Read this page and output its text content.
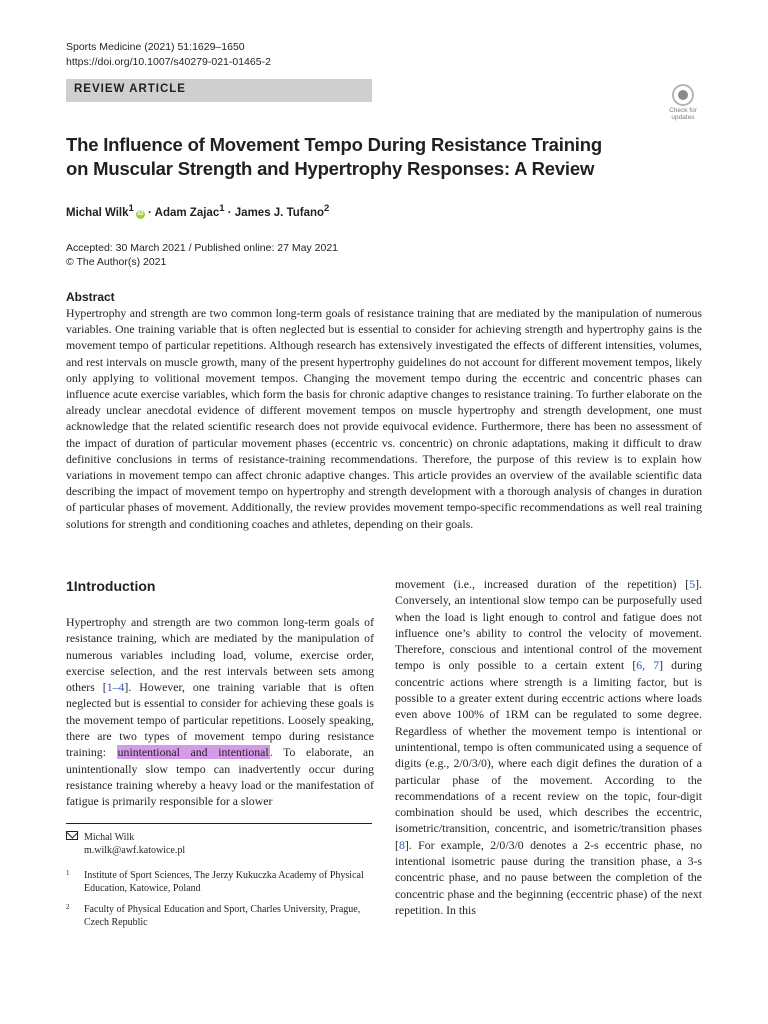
Sports Medicine (2021) 51:1629–1650
https://doi.org/10.1007/s40279-021-01465-2
REVIEW ARTICLE
Check for
updates
The Influence of Movement Tempo During Resistance Training
on Muscular Strength and Hypertrophy Responses: A Review
Michal Wilk$^1$ iD · Adam Zajac$^1$ · James J. Tufano$^2$
Accepted: 30 March 2021 / Published online: 27 May 2021
© The Author(s) 2021
Abstract
Hypertrophy and strength are two common long-term goals of resistance training that are mediated by the manipulation of numerous variables. One training variable that is often neglected but is essential to consider for achieving strength and hypertrophy gains is the movement tempo of particular repetitions. Although research has extensively investigated the effects of different intensities, volumes, and rest intervals on muscle growth, many of the present hypertrophy guidelines do not account for different movement tempos, likely only applying to volitional movement tempos. Changing the movement tempo during the eccentric and concentric phases can influence acute exercise variables, which form the basis for chronic adaptive changes to resistance training. To further elaborate on the already unclear anecdotal evidence of different movement tempos on muscle hypertrophy and strength development, one must acknowledge that the related scientific research does not provide equivocal evidence. Furthermore, there has been no assessment of the impact of duration of particular movement phases (eccentric vs. concentric) on chronic adaptations, making it difficult to draw definitive conclusions in terms of resistance-training recommendations. Therefore, the purpose of this review is to explain how variations in movement tempo can affect chronic adaptive changes. This article provides an overview of the available scientific data describing the impact of movement tempo on hypertrophy and strength development with a thorough analysis of changes in duration of particular phases of movement. Additionally, the review provides movement tempo-specific recommendations as well real training solutions for strength and conditioning coaches and athletes, depending on their goals.
1Introduction
Hypertrophy and strength are two common long-term goals of resistance training, which are mediated by the manipulation of numerous variables including load, volume, exercise order, exercise selection, and the rest intervals between sets among others [1–4]. However, one training variable that is often neglected but is essential to consider for achieving these goals is the movement tempo of particular repetitions. Loosely speaking, there are two types of movement tempo during resistance training: unintentional and intentional. To elaborate, an unintentionally slow tempo can inadvertently occur during resistance training whereby a heavy load or the manifestation of fatigue is primarily responsible for a slower
movement (i.e., increased duration of the repetition) [5]. Conversely, an intentional slow tempo can be purposefully used when the load is light enough to control and fatigue does not influence one’s ability to control the velocity of movement. Therefore, conscious and intentional control of the movement tempo is only possible to a certain extent [6, 7] during concentric actions where strength is a limiting factor, but is possible to a greater extent during eccentric actions where loads even above 100% of 1RM can be regulated to some degree. Regardless of whether the movement tempo is intentional or unintentional, tempo is often communicated using a sequence of digits (e.g., 2/0/3/0), where each digit defines the duration of a particular phase of the movement. According to the recommendations of a recent review on the topic, four-digit combination should be used, which describes the eccentric, isometric/transition, concentric, and isometric/transition phases [8]. For example, 2/0/3/0 denotes a 2-s eccentric phase, no intentional isometric pause during the transition phase, a 3-s concentric phase, and no pause between the completion of the concentric phase and the beginning (eccentric phase) of the next repetition. In this
Michal Wilk
m.wilk@awf.katowice.pl
1 Institute of Sport Sciences, The Jerzy Kukuczka Academy of Physical Education, Katowice, Poland
2 Faculty of Physical Education and Sport, Charles University, Prague, Czech Republic
